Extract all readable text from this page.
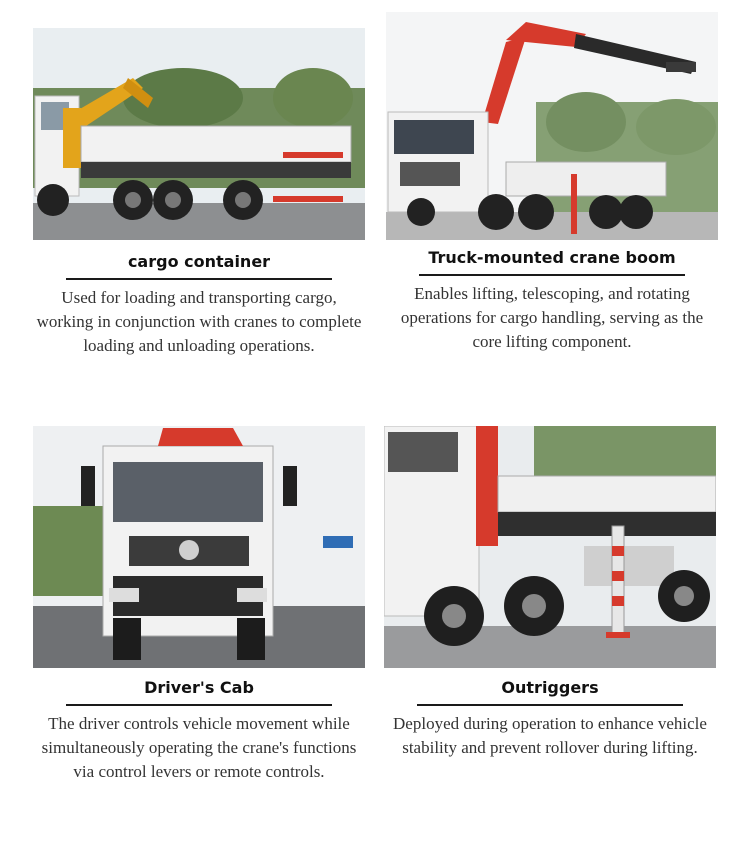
cargo container
Used for loading and transporting cargo, working in conjunction with cranes to complete loading and unloading operations.
Truck-mounted crane boom
Enables lifting, telescoping, and rotating operations for cargo handling, serving as the core lifting component.
Driver's Cab
The driver controls vehicle movement while simultaneously operating the crane's functions via control levers or remote controls.
Outriggers
Deployed during operation to enhance vehicle stability and prevent rollover during lifting.
